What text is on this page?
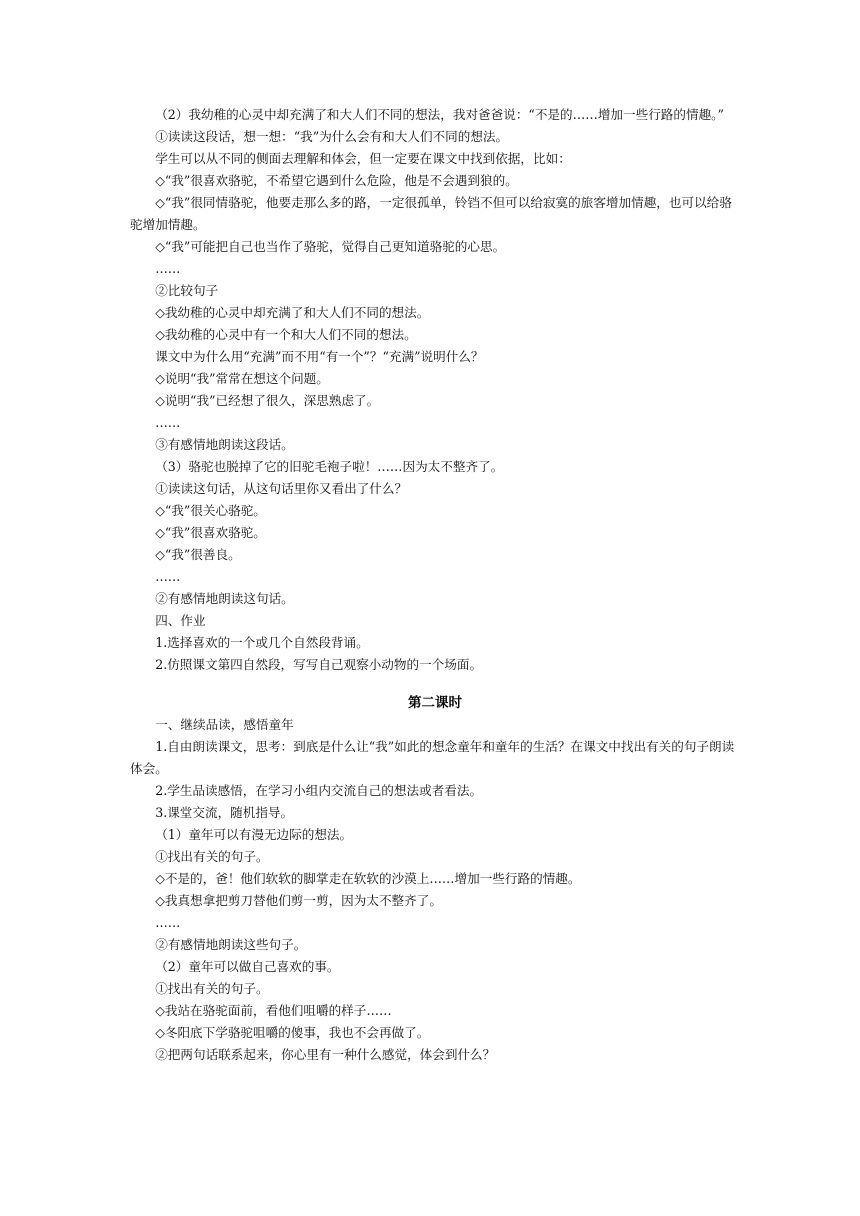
（2）我幼稚的心灵中却充满了和大人们不同的想法，我对爸爸说：“不是的……增加一些行路的情趣。”

①读读这段话，想一想：“我”为什么会有和大人们不同的想法。

学生可以从不同的侧面去理解和体会，但一定要在课文中找到依据，比如：

◇“我”很喜欢骆驼，不希望它遇到什么危险，他是不会遇到狼的。

◇“我”很同情骆驼，他要走那么多的路，一定很孤单，铃铛不但可以给寂寞的旅客增加情趣，也可以给骆驼增加情趣。

◇“我”可能把自己也当作了骆驼，觉得自己更知道骆驼的心思。

……

②比较句子

◇我幼稚的心灵中却充满了和大人们不同的想法。

◇我幼稚的心灵中有一个和大人们不同的想法。

课文中为什么用“充满”而不用“有一个”？“充满”说明什么？

◇说明“我”常常在想这个问题。

◇说明“我”已经想了很久，深思熟虑了。

……

③有感情地朗读这段话。

（3）骆驼也脱掉了它的旧驼毛袍子啦！……因为太不整齐了。

①读读这句话，从这句话里你又看出了什么？

◇“我”很关心骆驼。

◇“我”很喜欢骆驼。

◇“我”很善良。

……

②有感情地朗读这句话。

四、作业

1.选择喜欢的一个或几个自然段背诵。

2.仿照课文第四自然段，写写自己观察小动物的一个场面。

第二课时

一、继续品读，感悟童年

1.自由朗读课文，思考：到底是什么让“我”如此的想念童年和童年的生活？在课文中找出有关的句子朗读体会。

2.学生品读感悟，在学习小组内交流自己的想法或者看法。

3.课堂交流，随机指导。

（1）童年可以有漫无边际的想法。

①找出有关的句子。

◇不是的，爸！他们软软的脚掌走在软软的沙漠上……增加一些行路的情趣。

◇我真想拿把剪刀替他们剪一剪，因为太不整齐了。

……

②有感情地朗读这些句子。

（2）童年可以做自己喜欢的事。

①找出有关的句子。

◇我站在骆驼面前，看他们咀嚼的样子……

◇冬阳底下学骆驼咀嚼的傻事，我也不会再做了。

②把两句话联系起来，你心里有一种什么感觉，体会到什么？
